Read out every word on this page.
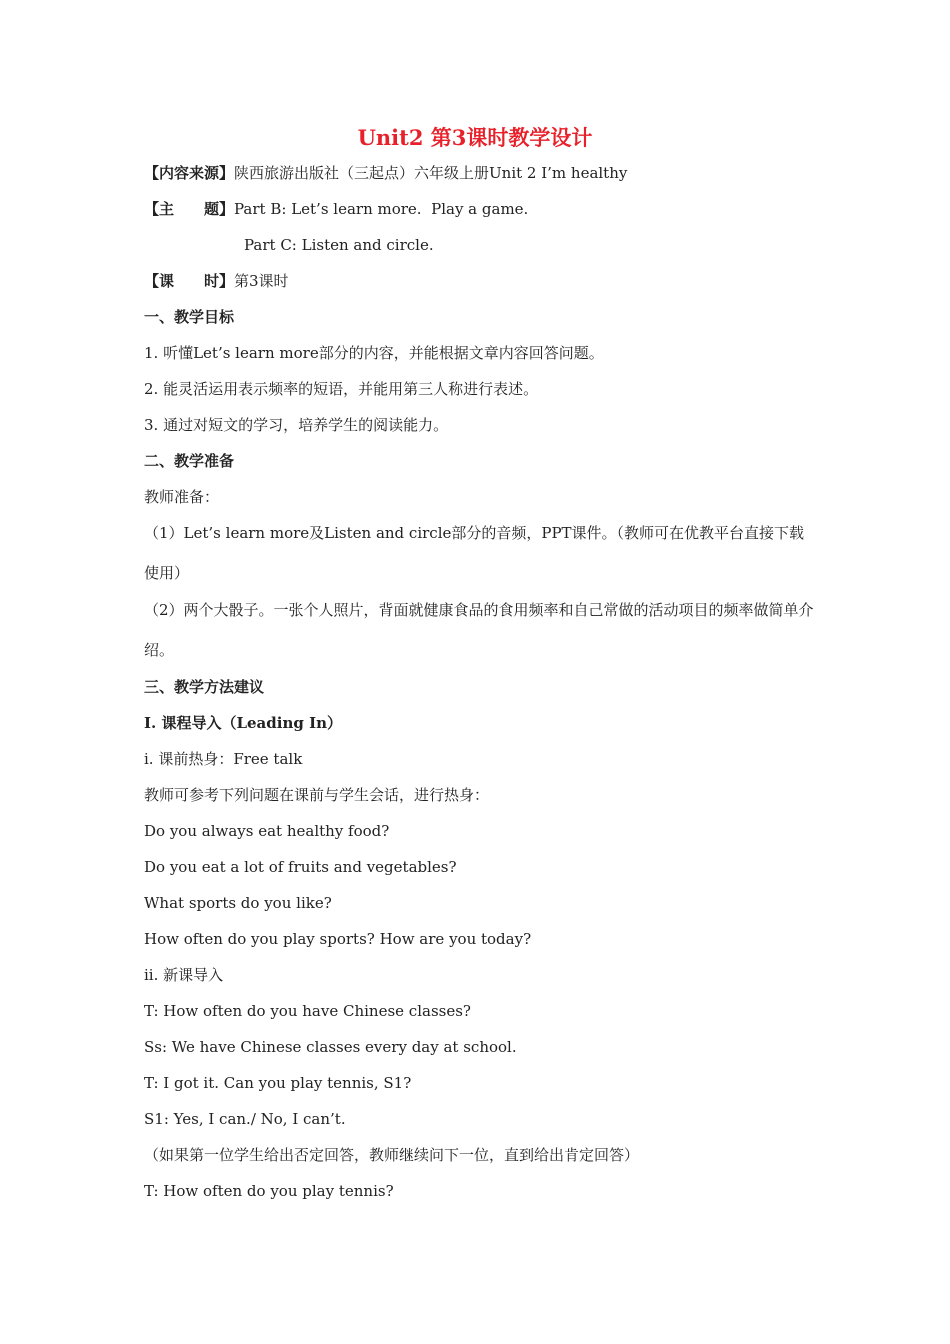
Unit2 第3课时教学设计
【内容来源】陕西旅游出版社（三起点）六年级上册Unit 2 I’m healthy
【主　　题】Part B: Let’s learn more.  Play a game.
Part C: Listen and circle.
【课　　时】第3课时
一、教学目标
1. 听懂Let’s learn more部分的内容，并能根据文章内容回答问题。
2. 能灵活运用表示频率的短语，并能用第三人称进行表述。
3. 通过对短文的学习，培养学生的阅读能力。
二、教学准备
教师准备：
（1）Let’s learn more及Listen and circle部分的音频，PPT课件。（教师可在优教平台直接下载使用）
（2）两个大骰子。一张个人照片，背面就健康食品的食用频率和自己常做的活动项目的频率做简单介绍。
三、教学方法建议
I. 课程导入（Leading In）
i. 课前热身：Free talk
教师可参考下列问题在课前与学生会话，进行热身：
Do you always eat healthy food?
Do you eat a lot of fruits and vegetables?
What sports do you like?
How often do you play sports? How are you today?
ii. 新课导入
T: How often do you have Chinese classes?
Ss: We have Chinese classes every day at school.
T: I got it. Can you play tennis, S1?
S1: Yes, I can./ No, I can’t.
（如果第一位学生给出否定回答，教师继续问下一位，直到给出肯定回答）
T: How often do you play tennis?
